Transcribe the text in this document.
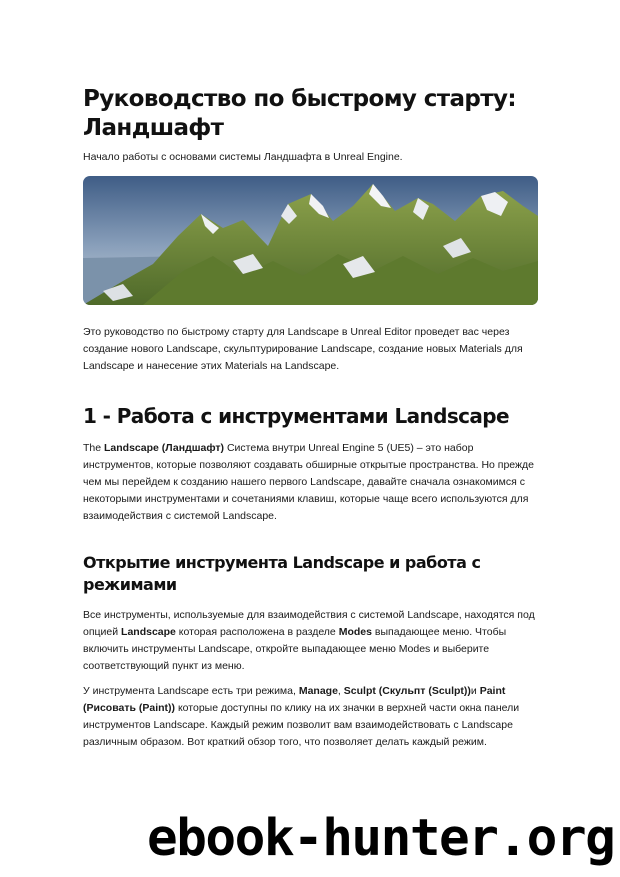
Руководство по быстрому старту: Ландшафт

Начало работы с основами системы Ландшафта в Unreal Engine.

Это руководство по быстрому старту для Landscape в Unreal Editor проведет вас через создание нового Landscape, скульптурирование Landscape, создание новых Materials для Landscape и нанесение этих Materials на Landscape.

1 - Работа с инструментами Landscape

The Landscape (Ландшафт) Система внутри Unreal Engine 5 (UE5) – это набор инструментов, которые позволяют создавать обширные открытые пространства. Но прежде чем мы перейдем к созданию нашего первого Landscape, давайте сначала ознакомимся с некоторыми инструментами и сочетаниями клавиш, которые чаще всего используются для взаимодействия с системой Landscape.

Открытие инструмента Landscape и работа с режимами

Все инструменты, используемые для взаимодействия с системой Landscape, находятся под опцией Landscape которая расположена в разделе Modes выпадающее меню. Чтобы включить инструменты Landscape, откройте выпадающее меню Modes и выберите соответствующий пункт из меню.

У инструмента Landscape есть три режима, Manage, Sculpt (Скульпт (Sculpt))и Paint (Рисовать (Paint)) которые доступны по клику на их значки в верхней части окна панели инструментов Landscape. Каждый режим позволит вам взаимодействовать с Landscape различным образом. Вот краткий обзор того, что позволяет делать каждый режим.

ebook-hunter.org
